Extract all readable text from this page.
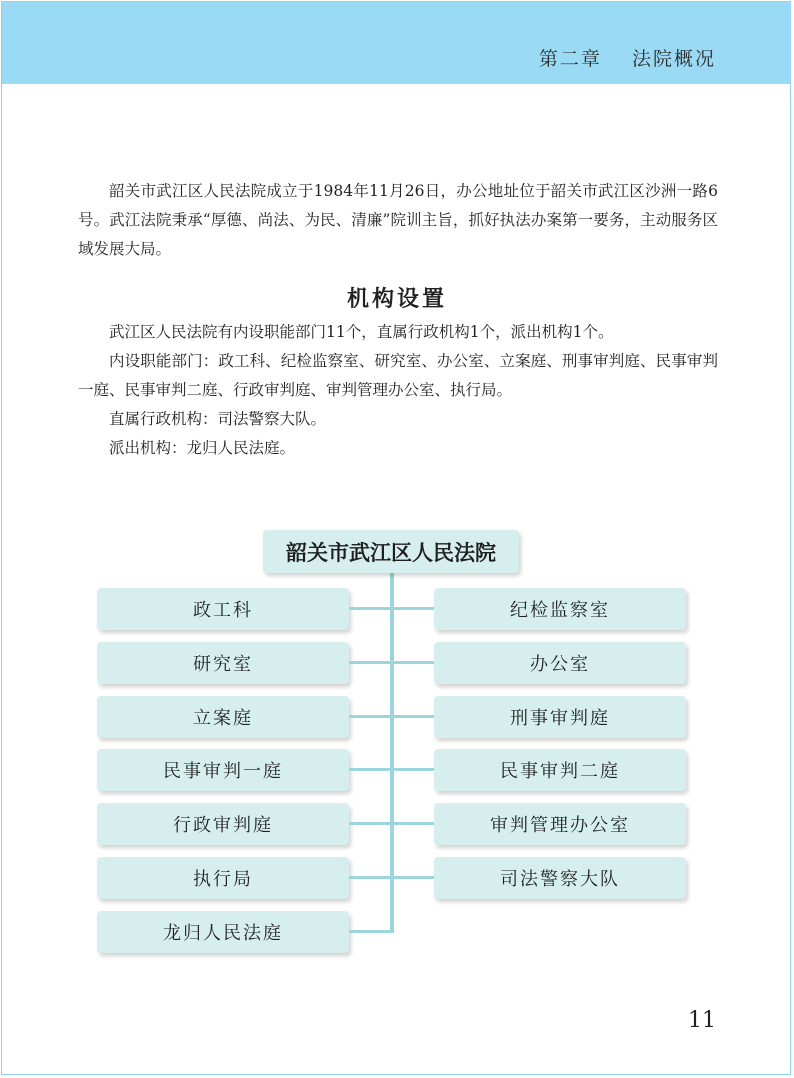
第二章 法院概况

韶关市武江区人民法院成立于1984年11月26日，办公地址位于韶关市武江区沙洲一路6号。武江法院秉承“厚德、尚法、为民、清廉”院训主旨，抓好执法办案第一要务，主动服务区域发展大局。

机构设置

武江区人民法院有内设职能部门11个，直属行政机构1个，派出机构1个。

内设职能部门：政工科、纪检监察室、研究室、办公室、立案庭、刑事审判庭、民事审判一庭、民事审判二庭、行政审判庭、审判管理办公室、执行局。

直属行政机构：司法警察大队。

派出机构：龙归人民法庭。

韶关市武江区人民法院
政工科
研究室
立案庭
民事审判一庭
行政审判庭
执行局
龙归人民法庭
纪检监察室
办公室
刑事审判庭
民事审判二庭
审判管理办公室
司法警察大队
11
